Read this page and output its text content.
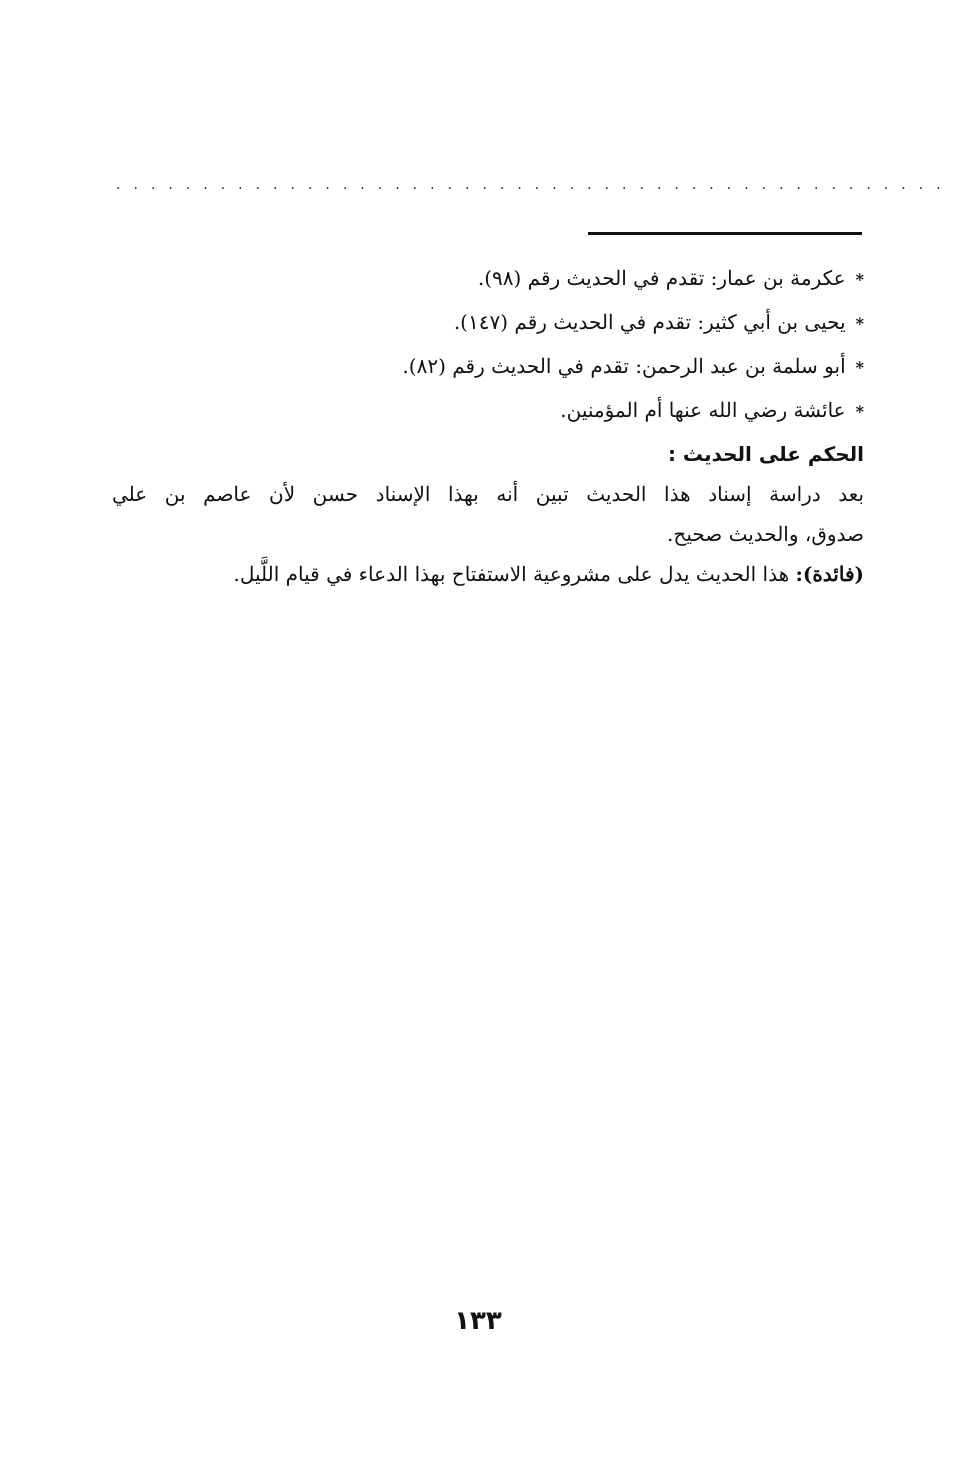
................................................
*عكرمة بن عمار: تقدم في الحديث رقم (٩٨).
*يحيى بن أبي كثير: تقدم في الحديث رقم (١٤٧).
*أبو سلمة بن عبد الرحمن: تقدم في الحديث رقم (٨٢).
*عائشة رضي الله عنها أم المؤمنين.
الحكم على الحديث :
بعد دراسة إسناد هذا الحديث تبين أنه بهذا الإسناد حسن لأن عاصم بن علي
صدوق، والحديث صحيح.
(فائدة): هذا الحديث يدل على مشروعية الاستفتاح بهذا الدعاء في قيام اللَّيل.
١٣٣
